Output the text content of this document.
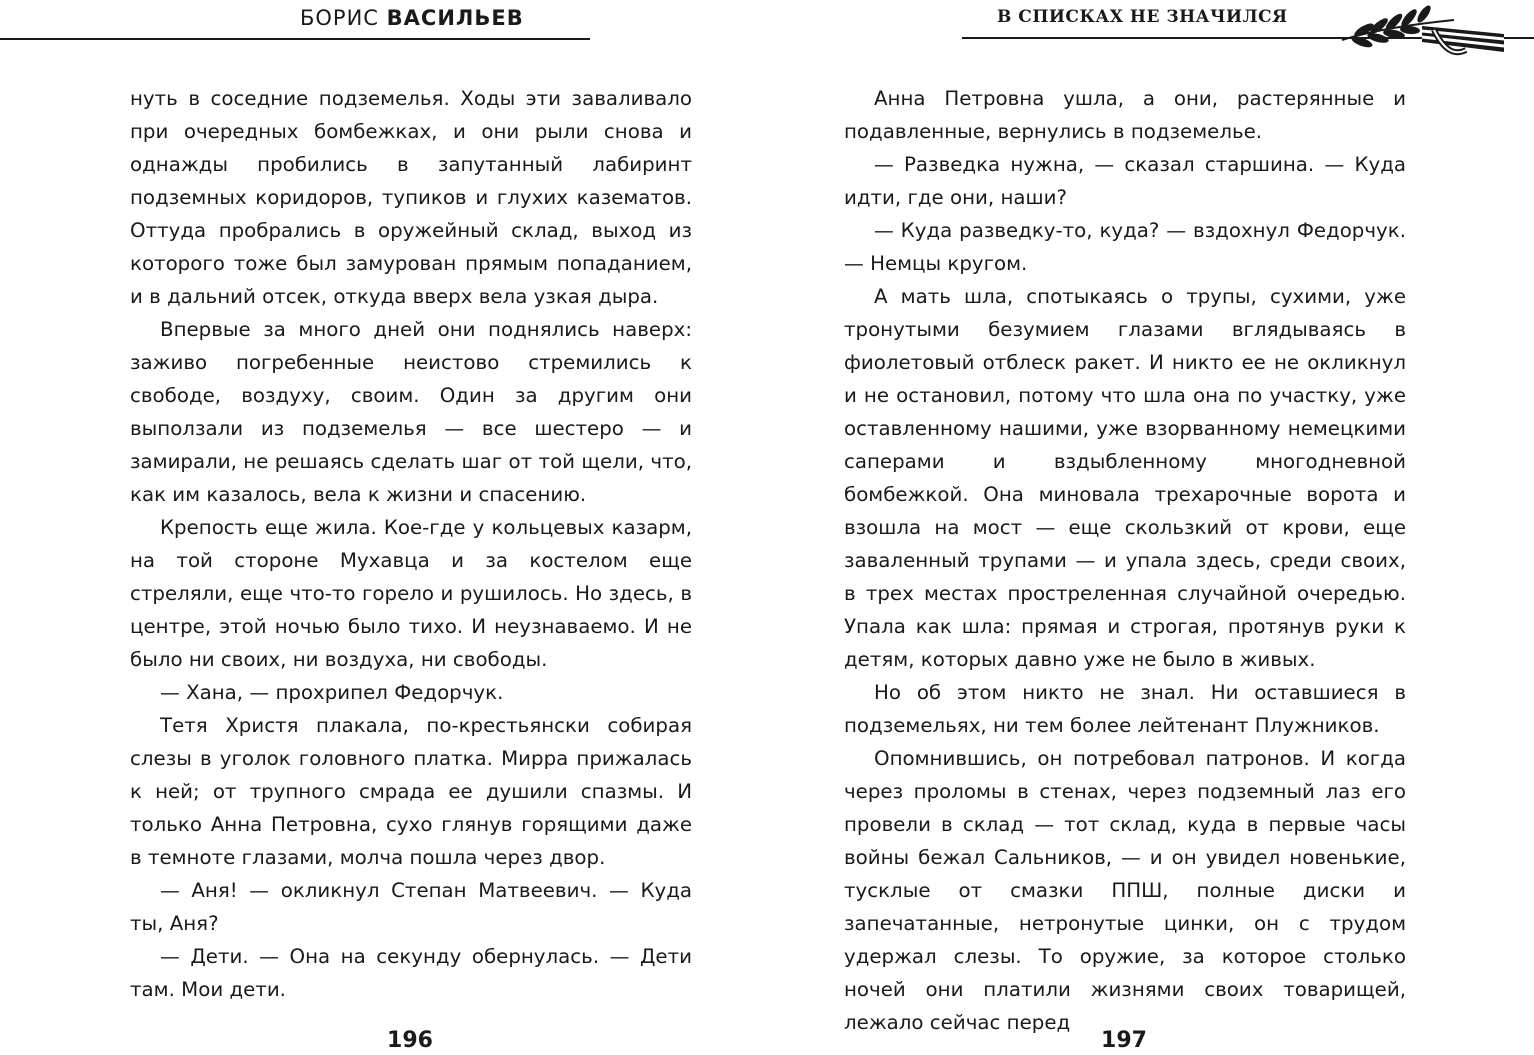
БОРИС ВАСИЛЬЕВ

нуть в соседние подземелья. Ходы эти заваливало при очередных бомбежках, и они рыли снова и однажды пробились в запутанный лабиринт подземных коридоров, тупиков и глухих казематов. Оттуда пробрались в оружейный склад, выход из которого тоже был замурован прямым попаданием, и в дальний отсек, откуда вверх вела узкая дыра.

Впервые за много дней они поднялись наверх: заживо погребенные неистово стремились к свободе, воздуху, своим. Один за другим они выползали из подземелья — все шестеро — и замирали, не решаясь сделать шаг от той щели, что, как им казалось, вела к жизни и спасению.

Крепость еще жила. Кое-где у кольцевых казарм, на той стороне Мухавца и за костелом еще стреляли, еще что-то горело и рушилось. Но здесь, в центре, этой ночью было тихо. И неузнаваемо. И не было ни своих, ни воздуха, ни свободы.

— Хана, — прохрипел Федорчук.

Тетя Христя плакала, по-крестьянски собирая слезы в уголок головного платка. Мирра прижалась к ней; от трупного смрада ее душили спазмы. И только Анна Петровна, сухо глянув горящими даже в темноте глазами, молча пошла через двор.

— Аня! — окликнул Степан Матвеевич. — Куда ты, Аня?

— Дети. — Она на секунду обернулась. — Дети там. Мои дети.

196
В СПИСКАХ НЕ ЗНАЧИЛСЯ

Анна Петровна ушла, а они, растерянные и подавленные, вернулись в подземелье.

— Разведка нужна, — сказал старшина. — Куда идти, где они, наши?

— Куда разведку-то, куда? — вздохнул Федорчук. — Немцы кругом.

А мать шла, спотыкаясь о трупы, сухими, уже тронутыми безумием глазами вглядываясь в фиолетовый отблеск ракет. И никто ее не окликнул и не остановил, потому что шла она по участку, уже оставленному нашими, уже взорванному немецкими саперами и вздыбленному многодневной бомбежкой. Она миновала трехарочные ворота и взошла на мост — еще скользкий от крови, еще заваленный трупами — и упала здесь, среди своих, в трех местах простреленная случайной очередью. Упала как шла: прямая и строгая, протянув руки к детям, которых давно уже не было в живых.

Но об этом никто не знал. Ни оставшиеся в подземельях, ни тем более лейтенант Плужников.

Опомнившись, он потребовал патронов. И когда через проломы в стенах, через подземный лаз его провели в склад — тот склад, куда в первые часы войны бежал Сальников, — и он увидел новенькие, тусклые от смазки ППШ, полные диски и запечатанные, нетронутые цинки, он с трудом удержал слезы. То оружие, за которое столько ночей они платили жизнями своих товарищей, лежало сейчас перед

197
